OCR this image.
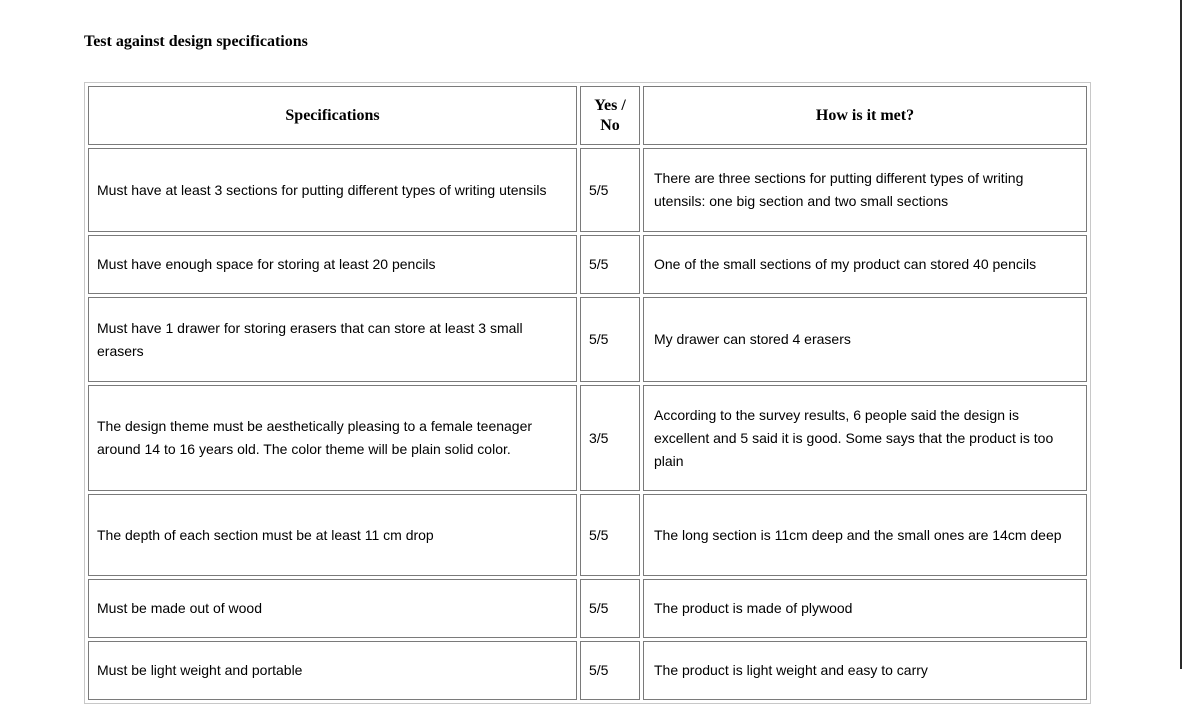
Test against design specifications
Specifications	Yes / No	How is it met?
Must have at least 3 sections for putting different types of writing utensils	5/5	There are three sections for putting different types of writing utensils: one big section and two small sections
Must have enough space for storing at least 20 pencils	5/5	One of the small sections of my product can stored 40 pencils
Must have 1 drawer for storing erasers that can store at least 3 small erasers	5/5	My drawer can stored 4 erasers
The design theme must be aesthetically pleasing to a female teenager around 14 to 16 years old. The color theme will be plain solid color.	3/5	According to the survey results, 6 people said the design is excellent and 5 said it is good. Some says that the product is too plain
The depth of each section must be at least 11 cm drop	5/5	The long section is 11cm deep and the small ones are 14cm deep
Must be made out of wood	5/5	The product is made of plywood
Must be light weight and portable	5/5	The product is light weight and easy to carry
